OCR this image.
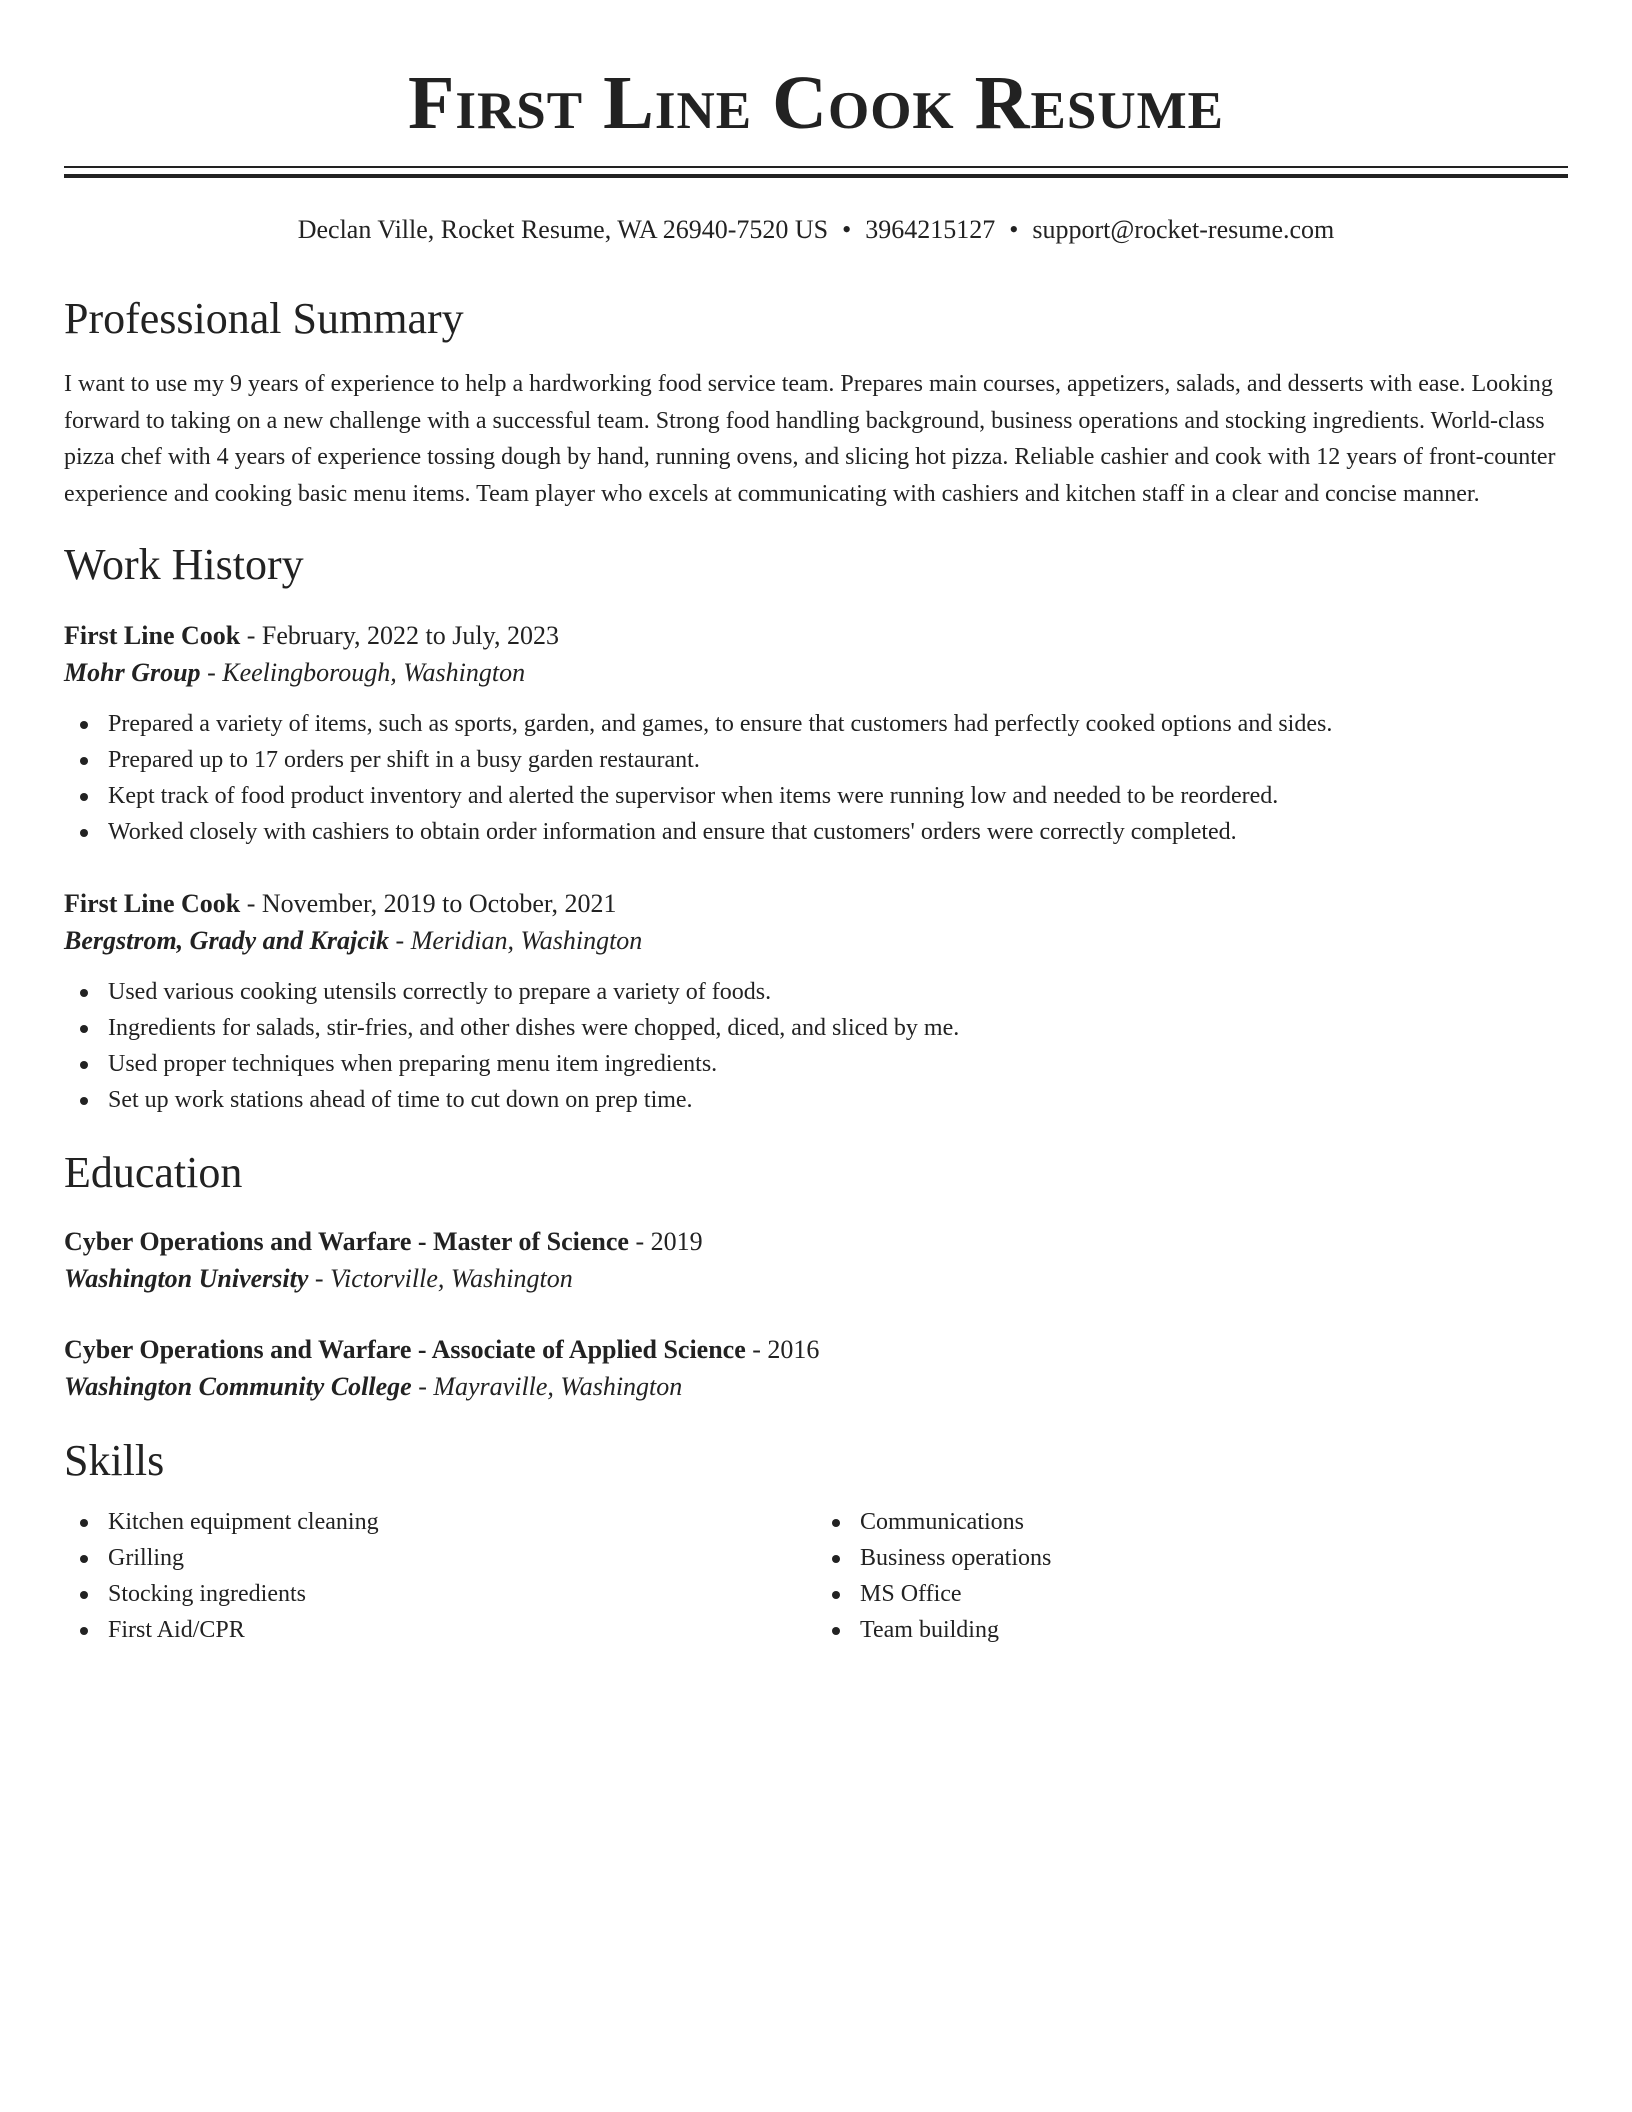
First Line Cook Resume
Declan Ville, Rocket Resume, WA 26940-7520 US • 3964215127 • support@rocket-resume.com
Professional Summary
I want to use my 9 years of experience to help a hardworking food service team. Prepares main courses, appetizers, salads, and desserts with ease. Looking forward to taking on a new challenge with a successful team. Strong food handling background, business operations and stocking ingredients. World-class pizza chef with 4 years of experience tossing dough by hand, running ovens, and slicing hot pizza. Reliable cashier and cook with 12 years of front-counter experience and cooking basic menu items. Team player who excels at communicating with cashiers and kitchen staff in a clear and concise manner.
Work History
First Line Cook - February, 2022 to July, 2023
Mohr Group - Keelingborough, Washington
Prepared a variety of items, such as sports, garden, and games, to ensure that customers had perfectly cooked options and sides.
Prepared up to 17 orders per shift in a busy garden restaurant.
Kept track of food product inventory and alerted the supervisor when items were running low and needed to be reordered.
Worked closely with cashiers to obtain order information and ensure that customers' orders were correctly completed.
First Line Cook - November, 2019 to October, 2021
Bergstrom, Grady and Krajcik - Meridian, Washington
Used various cooking utensils correctly to prepare a variety of foods.
Ingredients for salads, stir-fries, and other dishes were chopped, diced, and sliced by me.
Used proper techniques when preparing menu item ingredients.
Set up work stations ahead of time to cut down on prep time.
Education
Cyber Operations and Warfare - Master of Science - 2019
Washington University - Victorville, Washington
Cyber Operations and Warfare - Associate of Applied Science - 2016
Washington Community College - Mayraville, Washington
Skills
Kitchen equipment cleaning
Grilling
Stocking ingredients
First Aid/CPR
Communications
Business operations
MS Office
Team building
